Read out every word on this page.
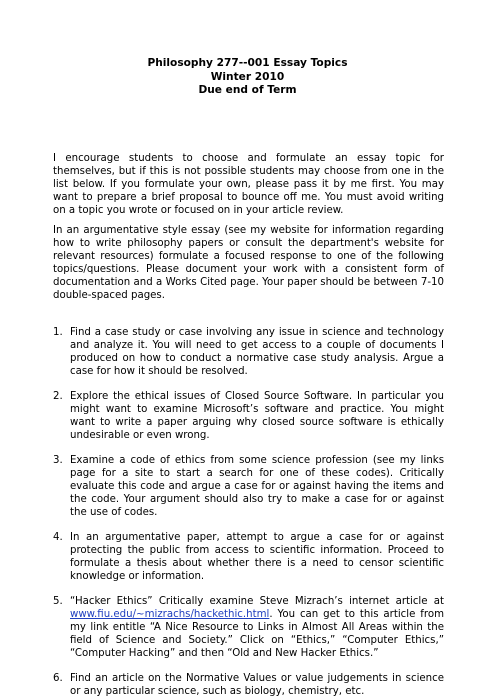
Philosophy 277--001 Essay Topics
Winter 2010
Due end of Term

I encourage students to choose and formulate an essay topic for themselves, but if this is not possible students may choose from one in the list below. If you formulate your own, please pass it by me first. You may want to prepare a brief proposal to bounce off me. You must avoid writing on a topic you wrote or focused on in your article review.

In an argumentative style essay (see my website for information regarding how to write philosophy papers or consult the department's website for relevant resources) formulate a focused response to one of the following topics/questions. Please document your work with a consistent form of documentation and a Works Cited page. Your paper should be between 7-10 double-spaced pages.

1. Find a case study or case involving any issue in science and technology and analyze it. You will need to get access to a couple of documents I produced on how to conduct a normative case study analysis. Argue a case for how it should be resolved.

2. Explore the ethical issues of Closed Source Software. In particular you might want to examine Microsoft’s software and practice. You might want to write a paper arguing why closed source software is ethically undesirable or even wrong.

3. Examine a code of ethics from some science profession (see my links page for a site to start a search for one of these codes). Critically evaluate this code and argue a case for or against having the items and the code. Your argument should also try to make a case for or against the use of codes.

4. In an argumentative paper, attempt to argue a case for or against protecting the public from access to scientific information. Proceed to formulate a thesis about whether there is a need to censor scientific knowledge or information.

5. “Hacker Ethics” Critically examine Steve Mizrach’s internet article at www.fiu.edu/~mizrachs/hackethic.html. You can get to this article from my link entitle “A Nice Resource to Links in Almost All Areas within the field of Science and Society.” Click on “Ethics,” “Computer Ethics,” “Computer Hacking” and then “Old and New Hacker Ethics.”

6. Find an article on the Normative Values or value judgements in science or any particular science, such as biology, chemistry, etc.
